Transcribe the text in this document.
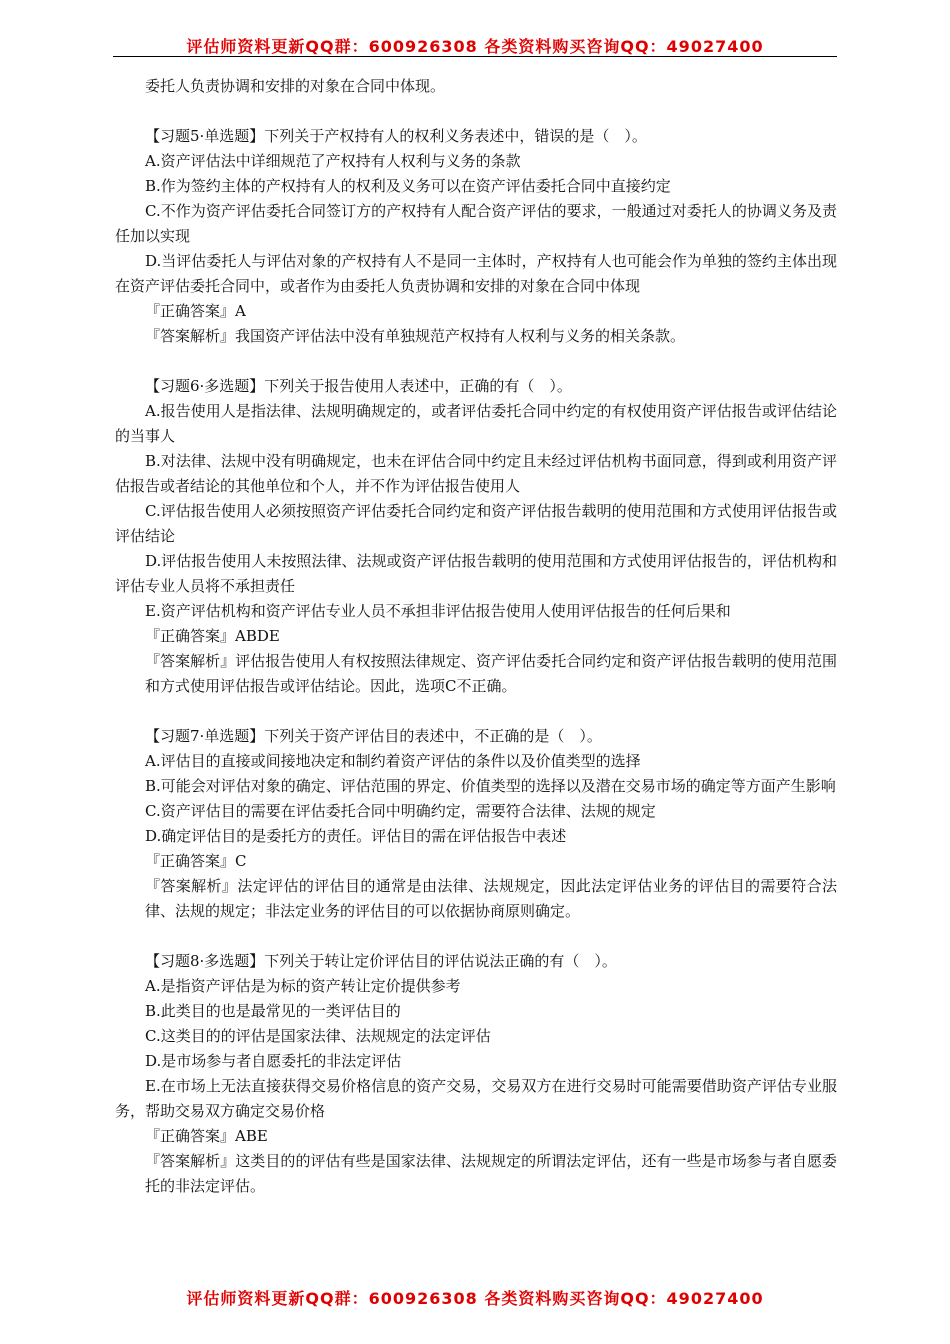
评估师资料更新QQ群：600926308 各类资料购买咨询QQ：49027400

委托人负责协调和安排的对象在合同中体现。

【习题5·单选题】下列关于产权持有人的权利义务表述中，错误的是（　）。

A.资产评估法中详细规范了产权持有人权利与义务的条款

B.作为签约主体的产权持有人的权利及义务可以在资产评估委托合同中直接约定

C.不作为资产评估委托合同签订方的产权持有人配合资产评估的要求，一般通过对委托人的协调义务及责任加以实现

D.当评估委托人与评估对象的产权持有人不是同一主体时，产权持有人也可能会作为单独的签约主体出现在资产评估委托合同中，或者作为由委托人负责协调和安排的对象在合同中体现

『正确答案』A

『答案解析』我国资产评估法中没有单独规范产权持有人权利与义务的相关条款。

【习题6·多选题】下列关于报告使用人表述中，正确的有（　）。

A.报告使用人是指法律、法规明确规定的，或者评估委托合同中约定的有权使用资产评估报告或评估结论的当事人

B.对法律、法规中没有明确规定，也未在评估合同中约定且未经过评估机构书面同意，得到或利用资产评估报告或者结论的其他单位和个人，并不作为评估报告使用人

C.评估报告使用人必须按照资产评估委托合同约定和资产评估报告载明的使用范围和方式使用评估报告或评估结论

D.评估报告使用人未按照法律、法规或资产评估报告载明的使用范围和方式使用评估报告的，评估机构和评估专业人员将不承担责任

E.资产评估机构和资产评估专业人员不承担非评估报告使用人使用评估报告的任何后果和

『正确答案』ABDE

『答案解析』评估报告使用人有权按照法律规定、资产评估委托合同约定和资产评估报告载明的使用范围和方式使用评估报告或评估结论。因此，选项C不正确。

【习题7·单选题】下列关于资产评估目的表述中，不正确的是（　）。

A.评估目的直接或间接地决定和制约着资产评估的条件以及价值类型的选择

B.可能会对评估对象的确定、评估范围的界定、价值类型的选择以及潜在交易市场的确定等方面产生影响

C.资产评估目的需要在评估委托合同中明确约定，需要符合法律、法规的规定

D.确定评估目的是委托方的责任。评估目的需在评估报告中表述

『正确答案』C

『答案解析』法定评估的评估目的通常是由法律、法规规定，因此法定评估业务的评估目的需要符合法律、法规的规定；非法定业务的评估目的可以依据协商原则确定。

【习题8·多选题】下列关于转让定价评估目的评估说法正确的有（　）。

A.是指资产评估是为标的资产转让定价提供参考

B.此类目的也是最常见的一类评估目的

C.这类目的的评估是国家法律、法规规定的法定评估

D.是市场参与者自愿委托的非法定评估

E.在市场上无法直接获得交易价格信息的资产交易，交易双方在进行交易时可能需要借助资产评估专业服务，帮助交易双方确定交易价格

『正确答案』ABE

『答案解析』这类目的的评估有些是国家法律、法规规定的所谓法定评估，还有一些是市场参与者自愿委托的非法定评估。

评估师资料更新QQ群：600926308 各类资料购买咨询QQ：49027400
